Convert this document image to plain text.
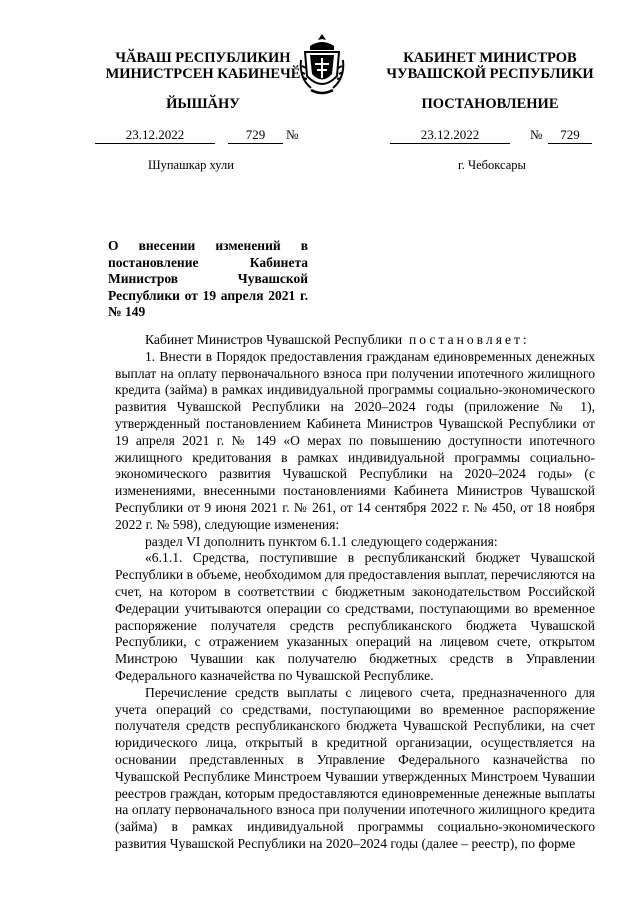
ЧӐВАШ РЕСПУБЛИКИН
МИНИСТРСЕН КАБИНЕЧӖ
КАБИНЕТ МИНИСТРОВ
ЧУВАШСКОЙ РЕСПУБЛИКИ
ЙЫШӐНУ	ПОСТАНОВЛЕНИЕ
23.12.2022	729	№	23.12.2022	№	729
Шупашкар хули	г. Чебоксары
О внесении изменений в постановление Кабинета Министров Чувашской Республики от 19 апреля 2021 г. № 149

Кабинет Министров Чувашской Республики постановляет:

1. Внести в Порядок предоставления гражданам единовременных денежных выплат на оплату первоначального взноса при получении ипотечного жилищного кредита (займа) в рамках индивидуальной программы социально-экономического развития Чувашской Республики на 2020–2024 годы (приложение № 1), утвержденный постановлением Кабинета Министров Чувашской Республики от 19 апреля 2021 г. № 149 «О мерах по повышению доступности ипотечного жилищного кредитования в рамках индивидуальной программы социально-экономического развития Чувашской Республики на 2020–2024 годы» (с изменениями, внесенными постановлениями Кабинета Министров Чувашской Республики от 9 июня 2021 г. № 261, от 14 сентября 2022 г. № 450, от 18 ноября 2022 г. № 598), следующие изменения:

раздел VI дополнить пунктом 6.1.1 следующего содержания:

«6.1.1. Средства, поступившие в республиканский бюджет Чувашской Республики в объеме, необходимом для предоставления выплат, перечисляются на счет, на котором в соответствии с бюджетным законодательством Российской Федерации учитываются операции со средствами, поступающими во временное распоряжение получателя средств республиканского бюджета Чувашской Республики, с отражением указанных операций на лицевом счете, открытом Минстрою Чувашии как получателю бюджетных средств в Управлении Федерального казначейства по Чувашской Республике.

Перечисление средств выплаты с лицевого счета, предназначенного для учета операций со средствами, поступающими во временное распоряжение получателя средств республиканского бюджета Чувашской Республики, на счет юридического лица, открытый в кредитной организации, осуществляется на основании представленных в Управление Федерального казначейства по Чувашской Республике Минстроем Чувашии утвержденных Минстроем Чувашии реестров граждан, которым предоставляются единовременные денежные выплаты на оплату первоначального взноса при получении ипотечного жилищного кредита (займа) в рамках индивидуальной программы социально-экономического развития Чувашской Республики на 2020–2024 годы (далее – реестр), по форме
